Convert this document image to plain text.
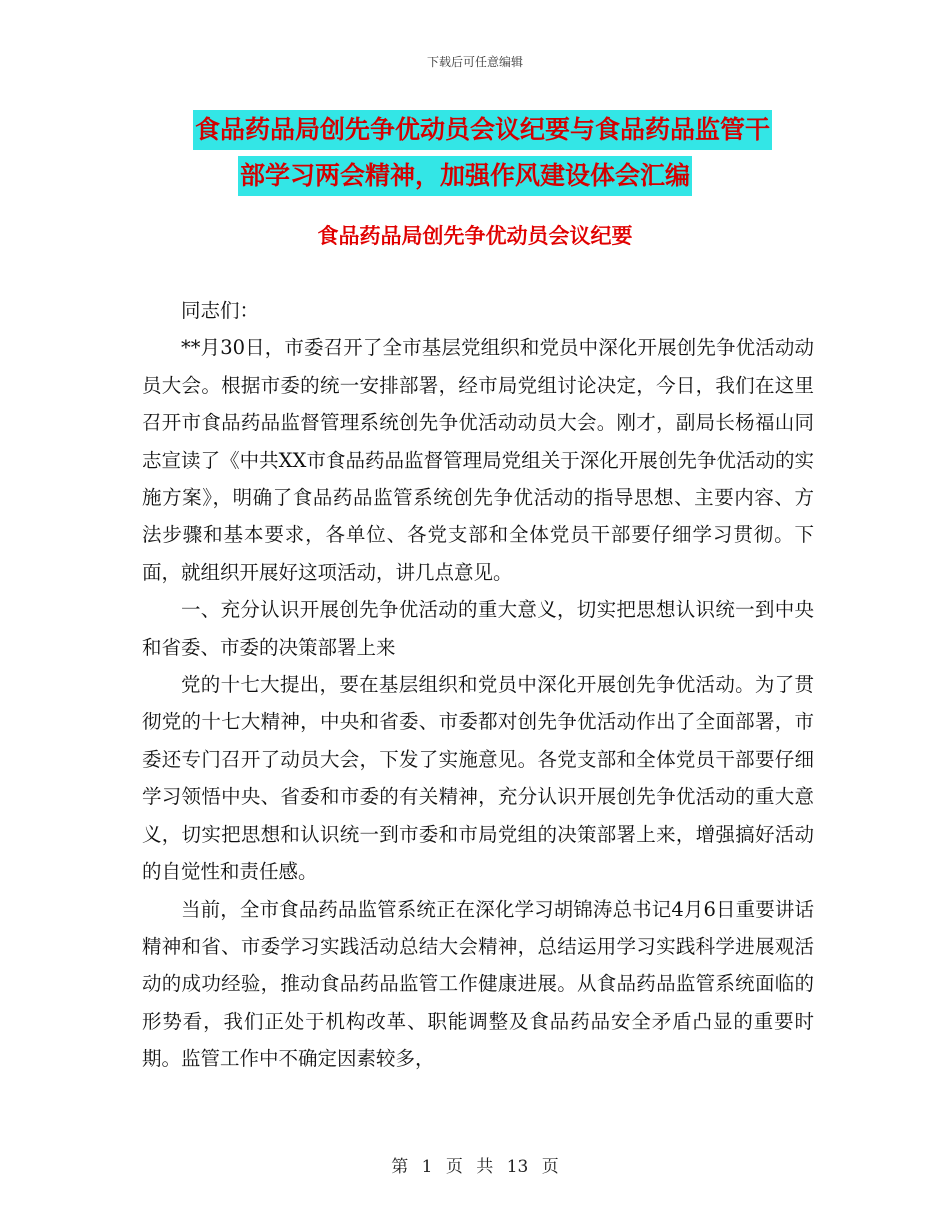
下载后可任意编辑
食品药品局创先争优动员会议纪要与食品药品监管干
部学习两会精神，加强作风建设体会汇编
食品药品局创先争优动员会议纪要

同志们：

**月30日，市委召开了全市基层党组织和党员中深化开展创先争优活动动员大会。根据市委的统一安排部署，经市局党组讨论决定，今日，我们在这里召开市食品药品监督管理系统创先争优活动动员大会。刚才，副局长杨福山同志宣读了《中共XX市食品药品监督管理局党组关于深化开展创先争优活动的实施方案》，明确了食品药品监管系统创先争优活动的指导思想、主要内容、方法步骤和基本要求，各单位、各党支部和全体党员干部要仔细学习贯彻。下面，就组织开展好这项活动，讲几点意见。

一、充分认识开展创先争优活动的重大意义，切实把思想认识统一到中央和省委、市委的决策部署上来

党的十七大提出，要在基层组织和党员中深化开展创先争优活动。为了贯彻党的十七大精神，中央和省委、市委都对创先争优活动作出了全面部署，市委还专门召开了动员大会，下发了实施意见。各党支部和全体党员干部要仔细学习领悟中央、省委和市委的有关精神，充分认识开展创先争优活动的重大意义，切实把思想和认识统一到市委和市局党组的决策部署上来，增强搞好活动的自觉性和责任感。

当前，全市食品药品监管系统正在深化学习胡锦涛总书记4月6日重要讲话精神和省、市委学习实践活动总结大会精神，总结运用学习实践科学进展观活动的成功经验，推动食品药品监管工作健康进展。从食品药品监管系统面临的形势看，我们正处于机构改革、职能调整及食品药品安全矛盾凸显的重要时期。监管工作中不确定因素较多，

第 1 页 共 13 页
